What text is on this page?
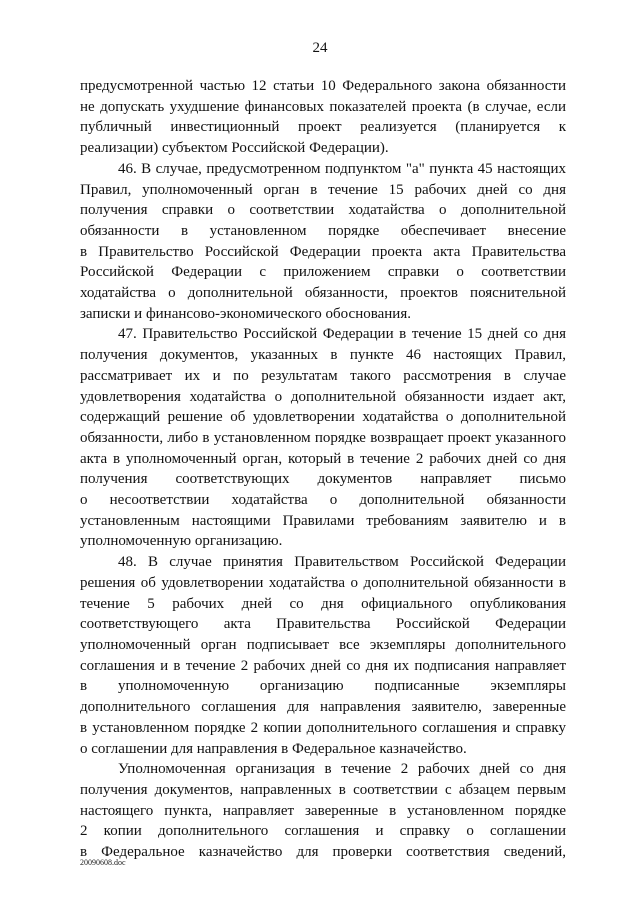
24
предусмотренной частью 12 статьи 10 Федерального закона обязанности
не допускать ухудшение финансовых показателей проекта (в случае, если
публичный инвестиционный проект реализуется (планируется к
реализации) субъектом Российской Федерации).
46. В случае, предусмотренном подпунктом "а" пункта 45 настоящих
Правил, уполномоченный орган в течение 15 рабочих дней со дня
получения справки о соответствии ходатайства о дополнительной
обязанности в установленном порядке обеспечивает внесение
в Правительство Российской Федерации проекта акта Правительства
Российской Федерации с приложением справки о соответствии
ходатайства о дополнительной обязанности, проектов пояснительной
записки и финансово-экономического обоснования.
47. Правительство Российской Федерации в течение 15 дней со дня
получения документов, указанных в пункте 46 настоящих Правил,
рассматривает их и по результатам такого рассмотрения в случае
удовлетворения ходатайства о дополнительной обязанности издает акт,
содержащий решение об удовлетворении ходатайства о дополнительной
обязанности, либо в установленном порядке возвращает проект указанного
акта в уполномоченный орган, который в течение 2 рабочих дней со дня
получения соответствующих документов направляет письмо
о несоответствии ходатайства о дополнительной обязанности
установленным настоящими Правилами требованиям заявителю и в
уполномоченную организацию.
48. В случае принятия Правительством Российской Федерации
решения об удовлетворении ходатайства о дополнительной обязанности в
течение 5 рабочих дней со дня официального опубликования
соответствующего акта Правительства Российской Федерации
уполномоченный орган подписывает все экземпляры дополнительного
соглашения и в течение 2 рабочих дней со дня их подписания направляет
в уполномоченную организацию подписанные экземпляры
дополнительного соглашения для направления заявителю, заверенные
в установленном порядке 2 копии дополнительного соглашения и справку
о соглашении для направления в Федеральное казначейство.
Уполномоченная организация в течение 2 рабочих дней со дня
получения документов, направленных в соответствии с абзацем первым
настоящего пункта, направляет заверенные в установленном порядке
2 копии дополнительного соглашения и справку о соглашении
в Федеральное казначейство для проверки соответствия сведений,
20090608.doc
